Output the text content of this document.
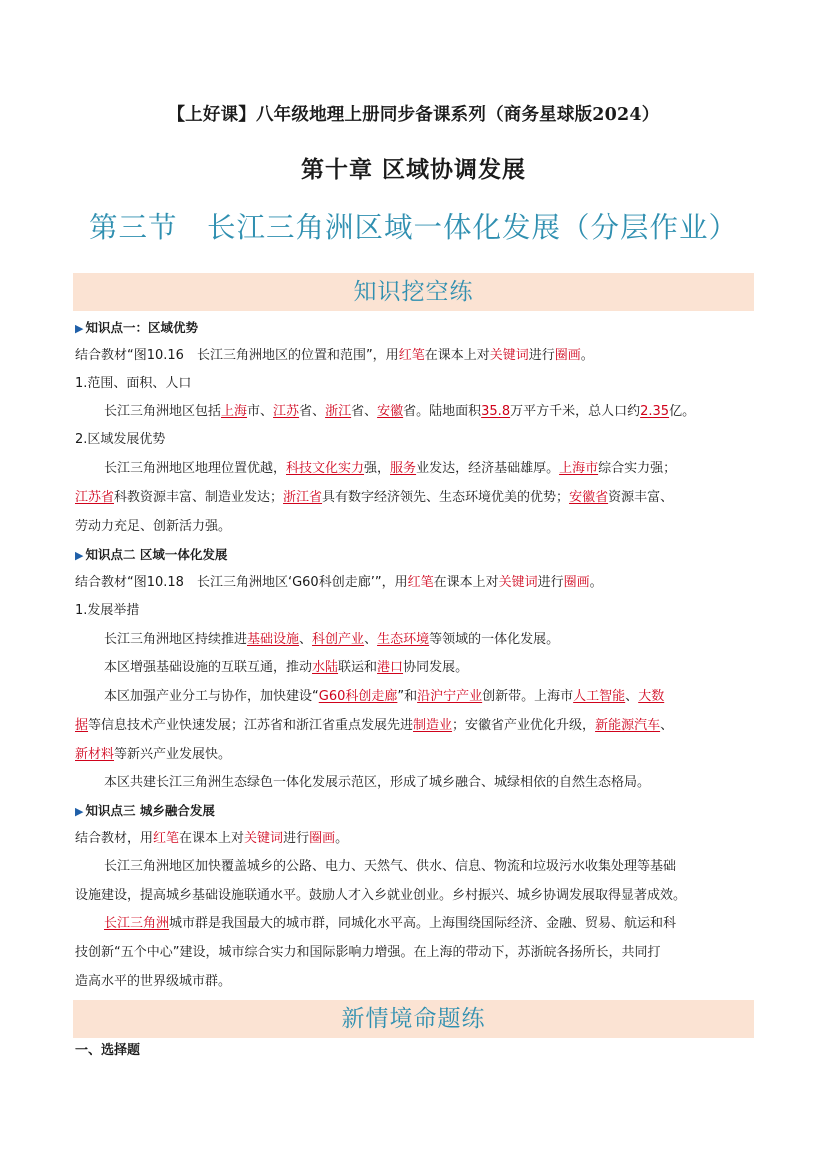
【上好课】八年级地理上册同步备课系列（商务星球版2024）
第十章 区域协调发展
第三节　长江三角洲区域一体化发展（分层作业）
知识挖空练
▶ 知识点一：区域优势
结合教材“图10.16　长江三角洲地区的位置和范围”，用红笔在课本上对关键词进行圈画。
1.范围、面积、人口
长江三角洲地区包括上海市、江苏省、浙江省、安徽省。陆地面积35.8万平方千米，总人口约2.35亿。
2.区域发展优势
长江三角洲地区地理位置优越，科技文化实力强，服务业发达，经济基础雄厚。上海市综合实力强；
江苏省科教资源丰富、制造业发达；浙江省具有数字经济领先、生态环境优美的优势；安徽省资源丰富、
劳动力充足、创新活力强。
▶ 知识点二 区域一体化发展
结合教材“图10.18　长江三角洲地区‘G60科创走廊’”，用红笔在课本上对关键词进行圈画。
1.发展举措
长江三角洲地区持续推进基础设施、科创产业、生态环境等领域的一体化发展。
本区增强基础设施的互联互通，推动水陆联运和港口协同发展。
本区加强产业分工与协作，加快建设“G60科创走廊”和沿沪宁产业创新带。上海市人工智能、大数
据等信息技术产业快速发展；江苏省和浙江省重点发展先进制造业；安徽省产业优化升级，新能源汽车、
新材料等新兴产业发展快。
本区共建长江三角洲生态绿色一体化发展示范区，形成了城乡融合、城绿相依的自然生态格局。
▶ 知识点三 城乡融合发展
结合教材，用红笔在课本上对关键词进行圈画。
长江三角洲地区加快覆盖城乡的公路、电力、天然气、供水、信息、物流和垃圾污水收集处理等基础
设施建设，提高城乡基础设施联通水平。鼓励人才入乡就业创业。乡村振兴、城乡协调发展取得显著成效。
长江三角洲城市群是我国最大的城市群，同城化水平高。上海围绕国际经济、金融、贸易、航运和科
技创新“五个中心”建设，城市综合实力和国际影响力增强。在上海的带动下，苏浙皖各扬所长，共同打
造高水平的世界级城市群。
新情境命题练
一、选择题
